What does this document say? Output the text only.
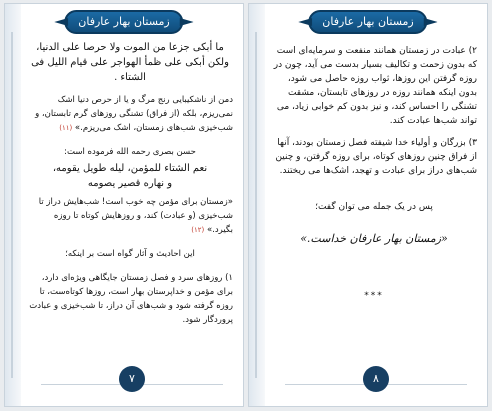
زمستان بهار عارفان
ما أبکی جزعا من الموت ولا حرصا علی الدنیا،
ولکن أبکی علی ظمأ الهواجر علی قیام اللیل فی
الشتاء .
دمن از ناشکیبایی رنج مرگ و یا از حرص دنیا اشک نمی‌ریزم، بلکه (از فراق) تشنگی روزهای گرم تابستان، و شب‌خیزی شب‌های زمستان، اشک می‌ریزم.» (۱۱)
حسن بصری رحمه الله فرموده است:
نعم الشتاء للمؤمن، لیله طویل یقومه،
و نهاره قصیر یصومه
«زمستان برای مؤمن چه خوب است! شب‌هایش دراز تا شب‌خیزی (و عبادت) کند، و روزهایش کوتاه تا روزه بگیرد.» (۱۲)
این احادیث و آثار گواه است بر اینکه؛
۱) روزهای سرد و فصل زمستان جایگاهی ویژه‌ای دارد، برای مؤمن و خداپرستان بهار است، روزها کوتاه‌ست، تا روزه گرفته شود و شب‌های آن دراز، تا شب‌خیزی و عبادت پروردگار شود.
۷
زمستان بهار عارفان
۲) عبادت در زمستان همانند منفعت و سرمایه‌ای است که بدون زحمت و تکالیف بسیار بدست می آید، چون در روزه گرفتن این روزها، ثواب روزه حاصل می شود، بدون اینکه همانند روزه در روزهای تابستان، مشقت تشنگی را احساس کند، و نیز بدون کم خوابی زیاد، می تواند شب‌ها عبادت کند.
۳) بزرگان و أولیاء خدا شیفته فصل زمستان بودند، آنها از فراق چنین روزهای کوتاه، برای روزه گرفتن، و چنین شب‌های دراز برای عبادت و تهجد، اشک‌ها می ریختند.
پس در یک جمله می توان گفت؛
«زمستان بهار عارفان خداست.»
***
۸
